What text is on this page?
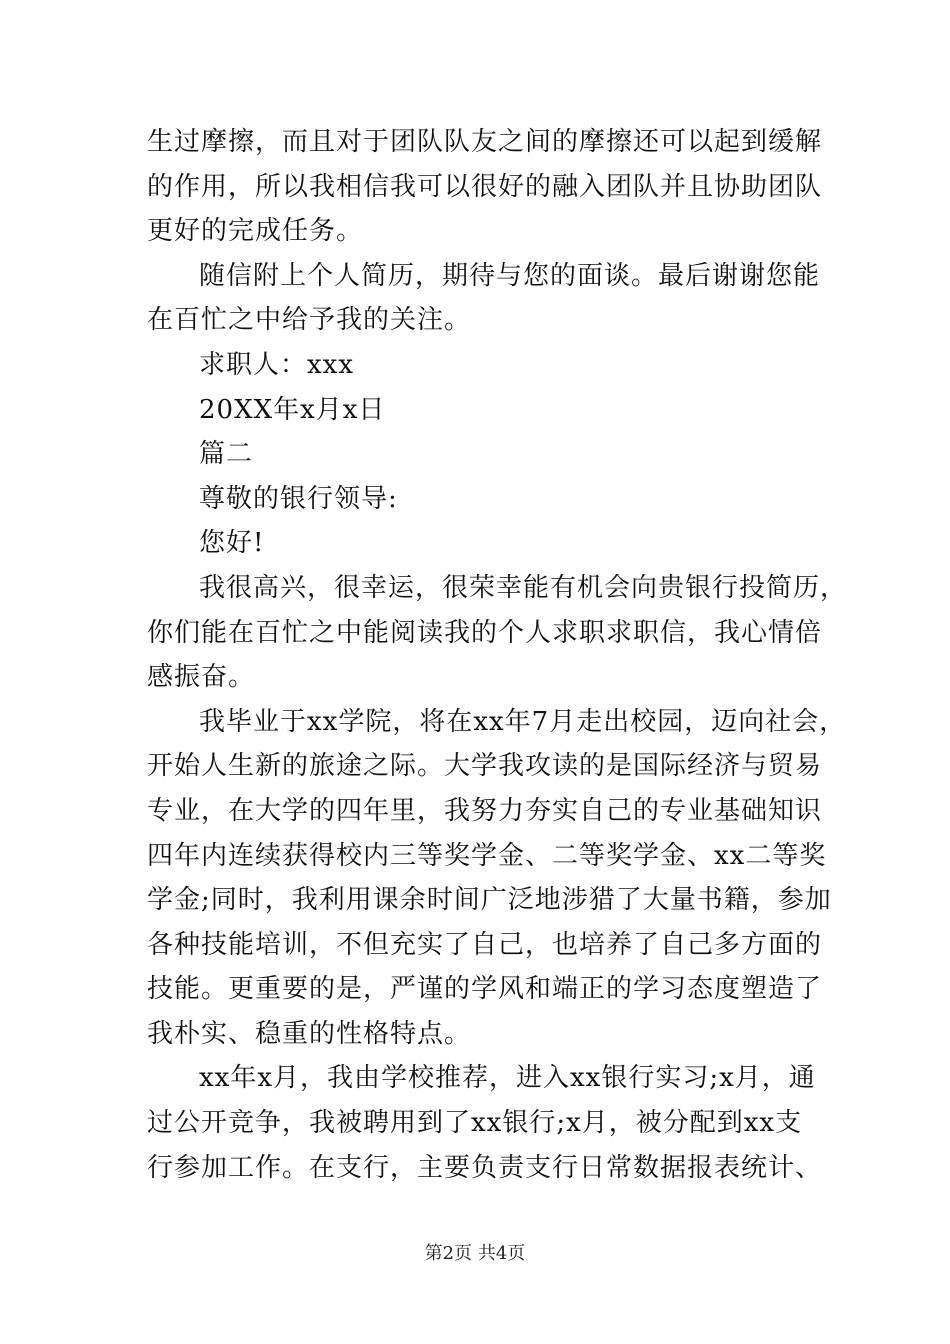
生过摩擦，而且对于团队队友之间的摩擦还可以起到缓解
的作用，所以我相信我可以很好的融入团队并且协助团队
更好的完成任务。
随信附上个人简历，期待与您的面谈。最后谢谢您能
在百忙之中给予我的关注。
求职人：xxx
20XX年x月x日
篇二
尊敬的银行领导:
您好!
我很高兴，很幸运，很荣幸能有机会向贵银行投简历，
你们能在百忙之中能阅读我的个人求职求职信，我心情倍
感振奋。
我毕业于xx学院，将在xx年7月走出校园，迈向社会，
开始人生新的旅途之际。大学我攻读的是国际经济与贸易
专业，在大学的四年里，我努力夯实自己的专业基础知识
四年内连续获得校内三等奖学金、二等奖学金、xx二等奖
学金;同时，我利用课余时间广泛地涉猎了大量书籍，参加
各种技能培训，不但充实了自己，也培养了自己多方面的
技能。更重要的是，严谨的学风和端正的学习态度塑造了
我朴实、稳重的性格特点。
xx年x月，我由学校推荐，进入xx银行实习;x月，通
过公开竞争，我被聘用到了xx银行;x月，被分配到xx支
行参加工作。在支行，主要负责支行日常数据报表统计、
第2页 共4页
